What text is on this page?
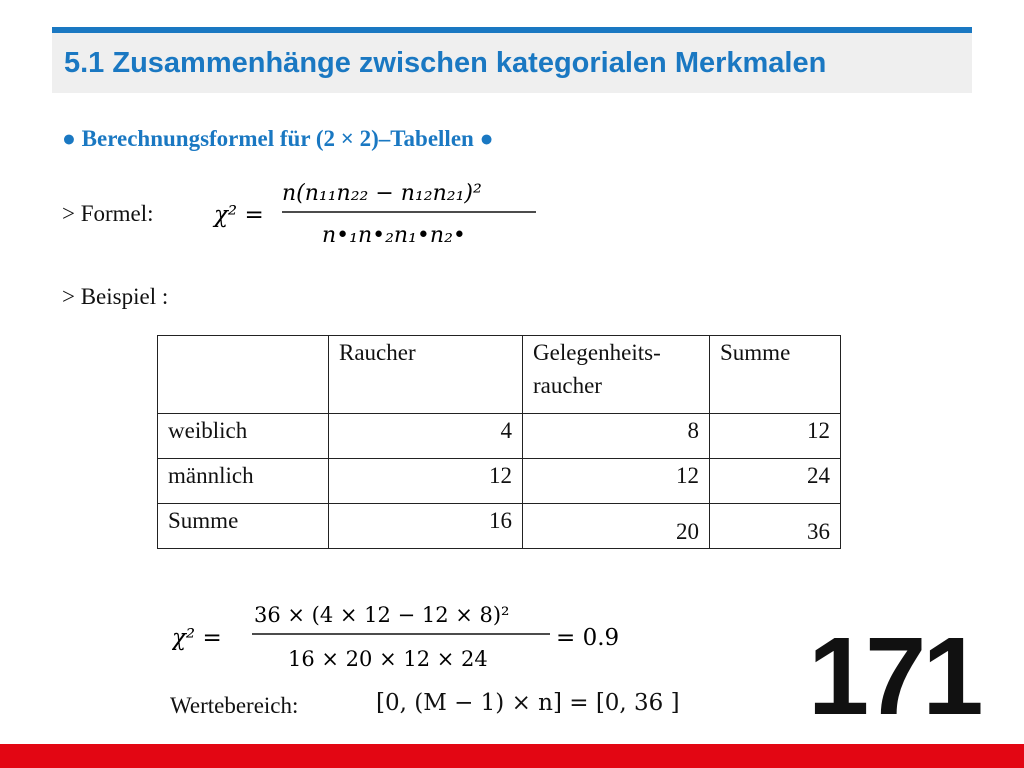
5.1 Zusammenhänge zwischen kategorialen Merkmalen
● Berechnungsformel für (2 × 2)–Tabellen ●
> Formel:	χ² =
n(n₁₁n₂₂ − n₁₂n₂₁)²
n•₁n•₂n₁•n₂•
> Beispiel :
	Raucher	Gelegenheits-
raucher	Summe
weiblich	4	8	12
männlich	12	12	24
Summe	16	20	36
χ² =
36 × (4 × 12 − 12 × 8)²
16 × 20 × 12 × 24
= 0.9
Wertebereich:	[0, (M − 1) × n] = [0, 36 ] 171
